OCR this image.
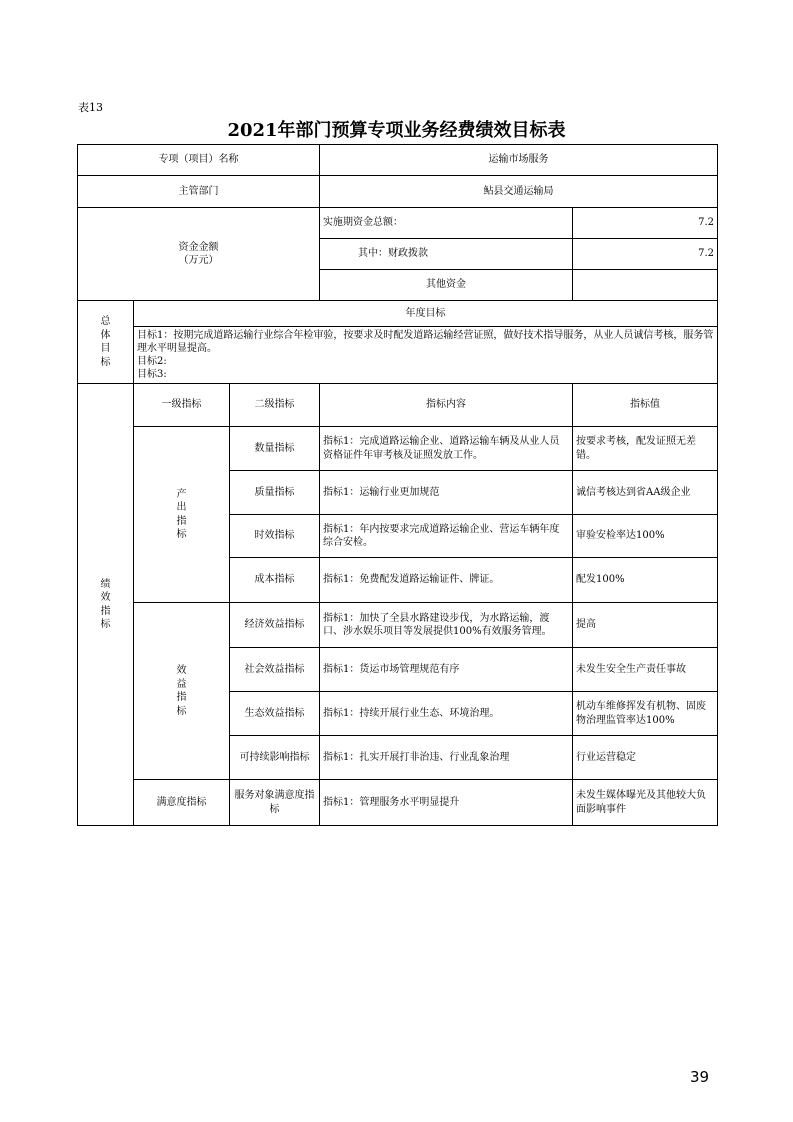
表13
2021年部门预算专项业务经费绩效目标表
专项（项目）名称			运输市场服务	
主管部门			鲇县交通运输局	

资金金额
（万元）			实施期资金总额：	7.2
			其中：财政拨款	7.2
			其他资金	

总
体
目
标	年度目标			

	目标1：按期完成道路运输行业综合年检审验，按要求及时配发道路运输经营证照，做好技术指导服务，从业人员诚信考核，服务管理水平明显提高。
目标2:
目标3:			

绩
效
指
标	一级指标	二级指标	指标内容	指标值

	产
出
指
标	数量指标	指标1：完成道路运输企业、道路运输车辆及从业人员资格证件年审考核及证照发放工作。	按要求考核，配发证照无差错。
		质量指标	指标1：运输行业更加规范	诚信考核达到省AA级企业
		时效指标	指标1：年内按要求完成道路运输企业、营运车辆年度综合安检。	审验安检率达100%
		成本指标	指标1：免费配发道路运输证件、牌证。	配发100%

	效
益
指
标	经济效益指标	指标1：加快了全县水路建设步伐，为水路运输，渡口、涉水娱乐项目等发展提供100%有效服务管理。	提高
		社会效益指标	指标1：货运市场管理规范有序	未发生安全生产责任事故
		生态效益指标	指标1：持续开展行业生态、环境治理。	机动车维修挥发有机物、固废物治理监管率达100%
		可持续影响指标	指标1：扎实开展打非治违、行业乱象治理	行业运营稳定
	满意度指标	服务对象满意度指标	指标1：管理服务水平明显提升	未发生媒体曝光及其他较大负面影响事件
39
